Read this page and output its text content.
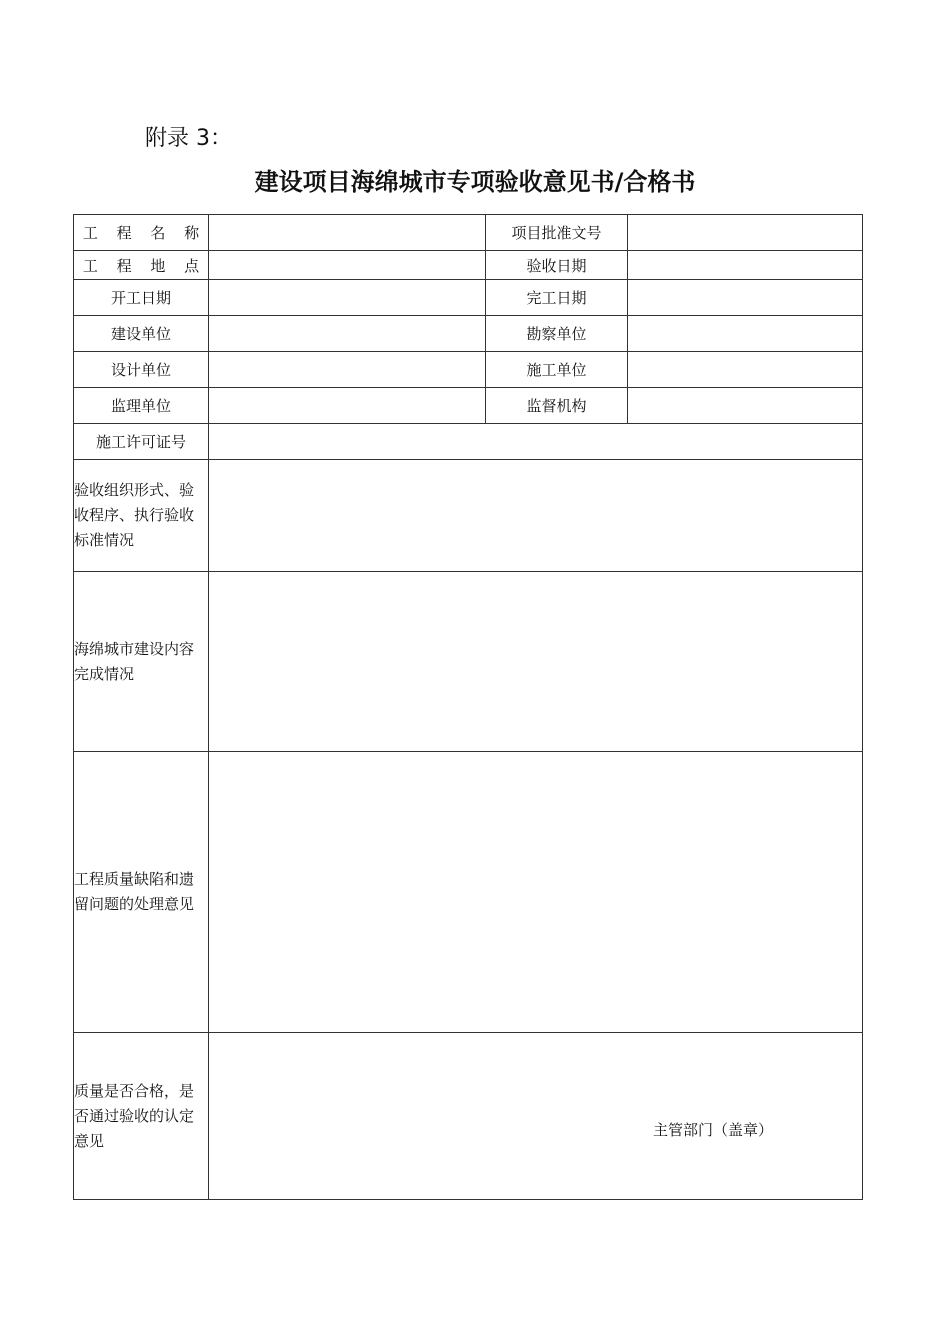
附录 3：
建设项目海绵城市专项验收意见书/合格书
工 程 名 称		项目批准文号	
工 程 地 点		验收日期	
开工日期		完工日期	
建设单位		勘察单位	
设计单位		施工单位	
监理单位		监督机构	
施工许可证号			
验收组织形式、验收程序、执行验收标准情况			
海绵城市建设内容完成情况			
工程质量缺陷和遗留问题的处理意见			
质量是否合格，是否通过验收的认定意见	主管部门（盖章）		
